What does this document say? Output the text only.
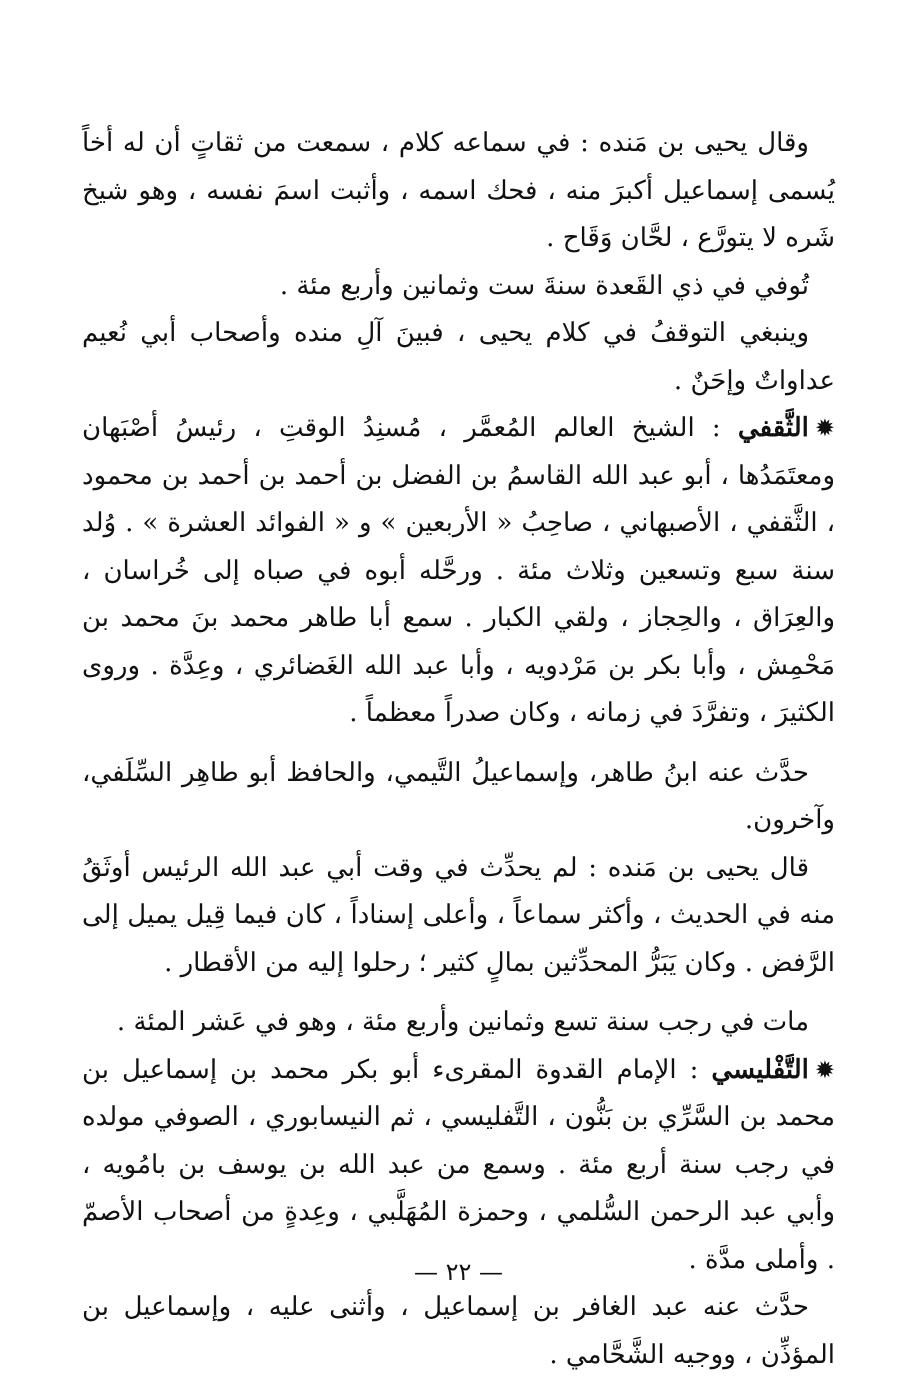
وقال يحيى بن مَنده : في سماعه كلام ، سمعت من ثقاتٍ أن له أخاً يُسمى إسماعيل أكبرَ منه ، فحك اسمه ، وأثبت اسمَ نفسه ، وهو شيخ شَره لا يتورَّع ، لحَّان وَقَاح .

تُوفي في ذي القَعدة سنةَ ست وثمانين وأربع مئة .

وينبغي التوقفُ في كلام يحيى ، فبينَ آلِ منده وأصحاب أبي نُعيم عداواتٌ وإحَنٌ .

✹الثَّقفي : الشيخ العالم المُعمَّر ، مُسنِدُ الوقتِ ، رئيسُ أصْبَهان ومعتَمَدُها ، أبو عبد الله القاسمُ بن الفضل بن أحمد بن أحمد بن محمود ، الثَّقفي ، الأصبهاني ، صاحِبُ « الأربعين » و « الفوائد العشرة » . وُلد سنة سبع وتسعين وثلاث مئة . ورحَّله أبوه في صباه إلى خُراسان ، والعِرَاق ، والحِجاز ، ولقي الكبار . سمع أبا طاهر محمد بنَ محمد بن مَحْمِش ، وأبا بكر بن مَرْدويه ، وأبا عبد الله الغَضائري ، وعِدَّة . وروى الكثيرَ ، وتفرَّدَ في زمانه ، وكان صدراً معظماً .

حدَّث عنه ابنُ طاهر، وإسماعيلُ التَّيمي، والحافظ أبو طاهِر السِّلَفي، وآخرون.

قال يحيى بن مَنده : لم يحدِّث في وقت أبي عبد الله الرئيس أوثَقُ منه في الحديث ، وأكثر سماعاً ، وأعلى إسناداً ، كان فيما قِيل يميل إلى الرَّفض . وكان يَبَرُّ المحدِّثين بمالٍ كثير ؛ رحلوا إليه من الأقطار .

مات في رجب سنة تسع وثمانين وأربع مئة ، وهو في عَشر المئة .

✹التَّفْليسي : الإمام القدوة المقرىء أبو بكر محمد بن إسماعيل بن محمد بن السَّرِّي بن بَنُّون ، التَّفليسي ، ثم النيسابوري ، الصوفي مولده في رجب سنة أربع مئة . وسمع من عبد الله بن يوسف بن بامُويه ، وأبي عبد الرحمن السُّلمي ، وحمزة المُهَلَّبي ، وعِدةٍ من أصحاب الأصمّ . وأملى مدَّة .

حدَّث عنه عبد الغافر بن إسماعيل ، وأثنى عليه ، وإسماعيل بن المؤذِّن ، ووجيه الشَّحَّامي .

— ٢٢ —
